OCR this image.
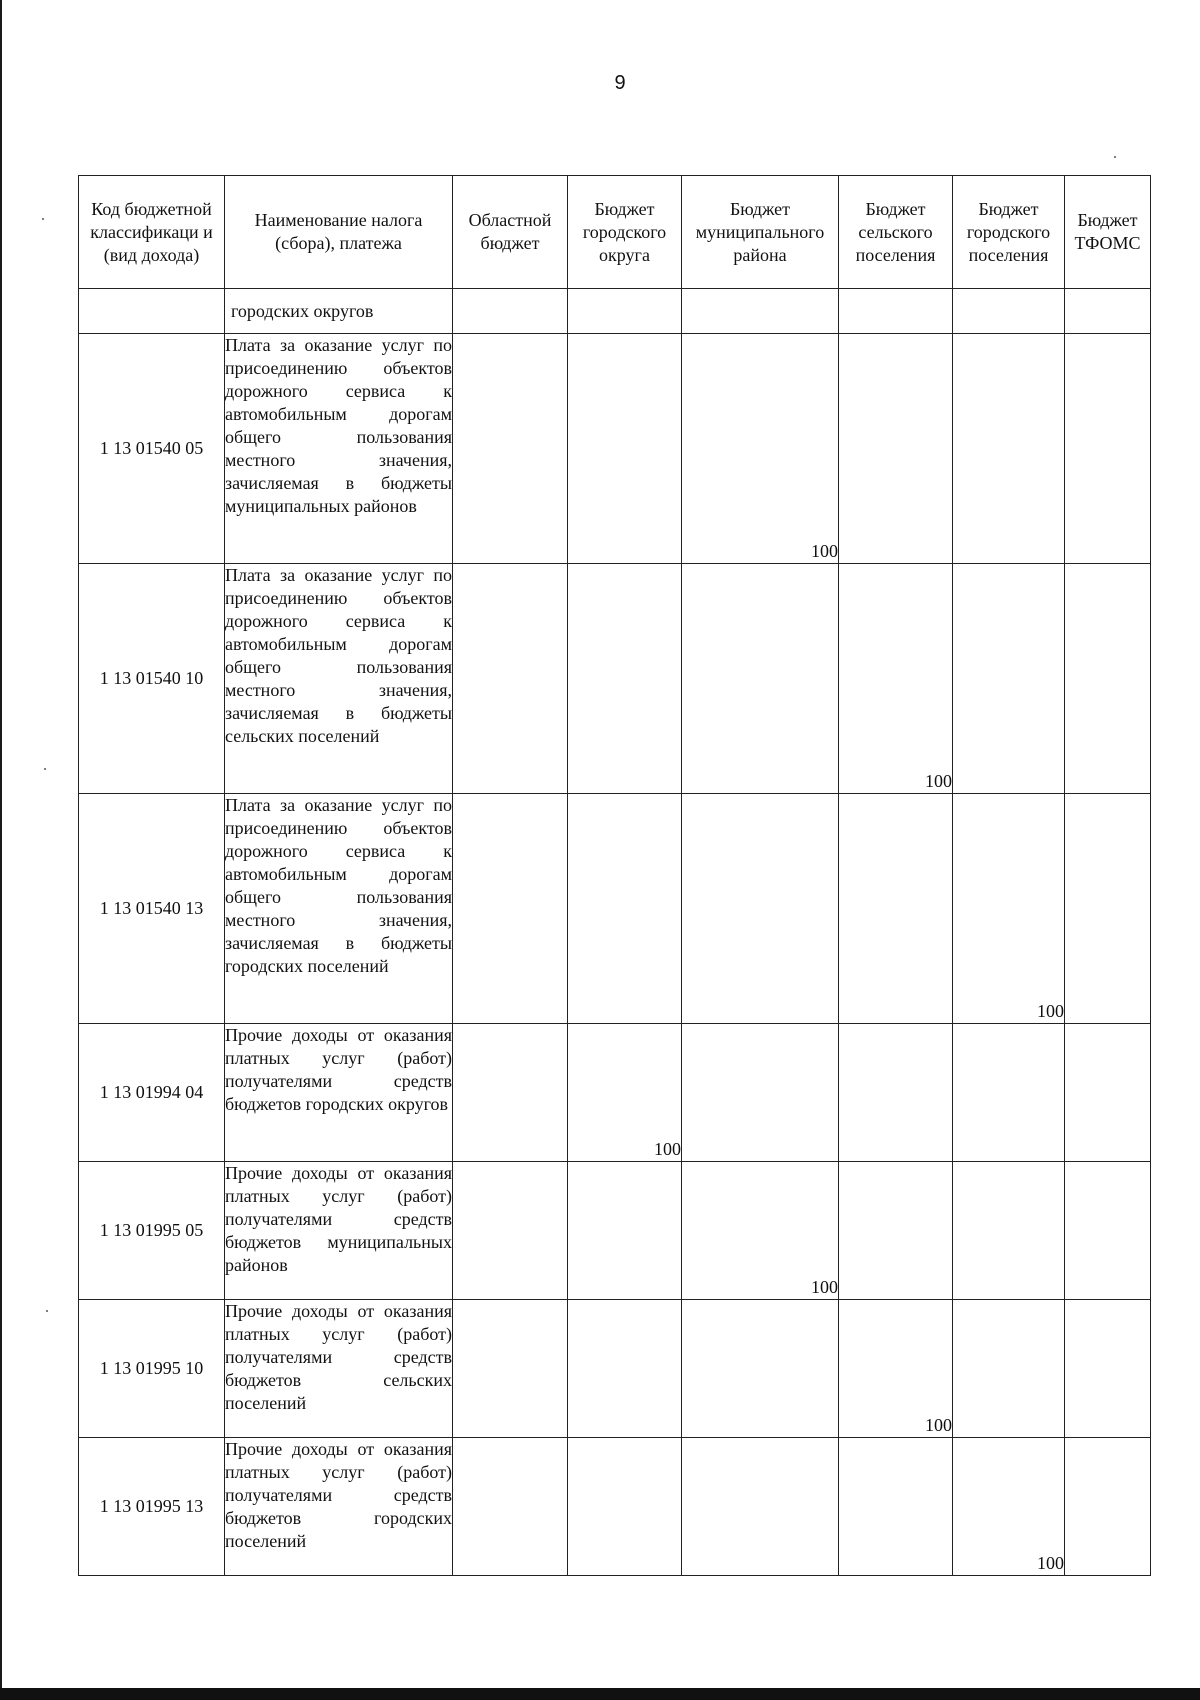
9
Код бюджетной классификаци и (вид дохода)	Наименование налога (сбора), платежа	Областной бюджет	Бюджет городского округа	Бюджет муниципального района	Бюджет сельского поселения	Бюджет городского поселения	Бюджет ТФОМС
	городских округов						
1 13 01540 05	Плата за оказание услуг по присоединению объектов дорожного сервиса к автомобильным дорогам общего пользования местного значения, зачисляемая в бюджеты муниципальных районов			100			
1 13 01540 10	Плата за оказание услуг по присоединению объектов дорожного сервиса к автомобильным дорогам общего пользования местного значения, зачисляемая в бюджеты сельских поселений				100		
1 13 01540 13	Плата за оказание услуг по присоединению объектов дорожного сервиса к автомобильным дорогам общего пользования местного значения, зачисляемая в бюджеты городских поселений					100	
1 13 01994 04	Прочие доходы от оказания платных услуг (работ) получателями средств бюджетов городских округов		100				
1 13 01995 05	Прочие доходы от оказания платных услуг (работ) получателями средств бюджетов муниципальных районов			100			
1 13 01995 10	Прочие доходы от оказания платных услуг (работ) получателями средств бюджетов сельских поселений				100		
1 13 01995 13	Прочие доходы от оказания платных услуг (работ) получателями средств бюджетов городских поселений					100	
